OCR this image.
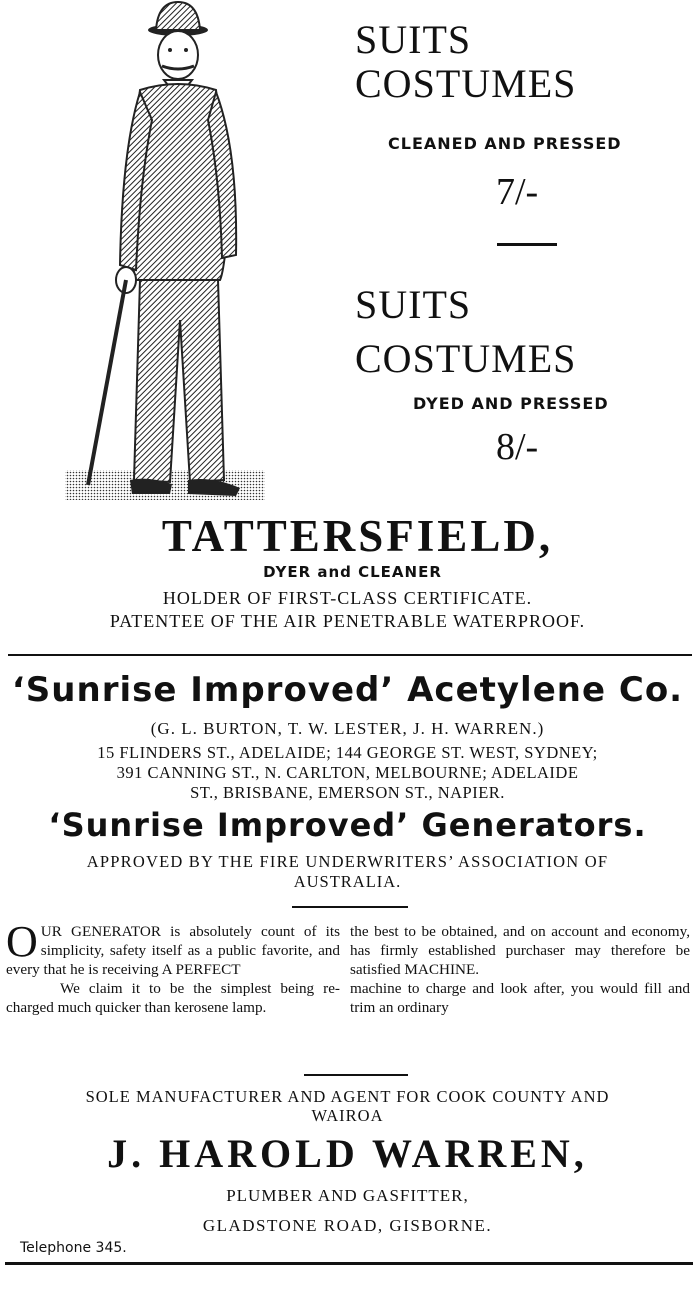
SUITS
COSTUMES
CLEANED AND PRESSED
7/-
SUITS
COSTUMES
DYED AND PRESSED
8/-
TATTERSFIELD,
DYER and CLEANER
HOLDER OF FIRST-CLASS CERTIFICATE.
PATENTEE OF THE AIR PENETRABLE WATERPROOF.
‘Sunrise Improved’ Acetylene Co.
(G. L. BURTON, T. W. LESTER, J. H. WARREN.)
15 FLINDERS ST., ADELAIDE; 144 GEORGE ST. WEST, SYDNEY;
391 CANNING ST., N. CARLTON, MELBOURNE; ADELAIDE
ST., BRISBANE, EMERSON ST., NAPIER.
‘Sunrise Improved’ Generators.
APPROVED BY THE FIRE UNDERWRITERS’ ASSOCIATION OF
AUSTRALIA.

OUR GENERATOR is absolutely count of its simplicity, safety itself as a public favorite, and every that he is receiving A PERFECT

We claim it to be the simplest being re-charged much quicker than kerosene lamp.

the best to be obtained, and on account and economy, has firmly established purchaser may therefore be satisfied MACHINE.

machine to charge and look after, you would fill and trim an ordinary

SOLE MANUFACTURER AND AGENT FOR COOK COUNTY AND
WAIROA
J. HAROLD WARREN,
PLUMBER AND GASFITTER,
GLADSTONE ROAD, GISBORNE.
Telephone 345.
